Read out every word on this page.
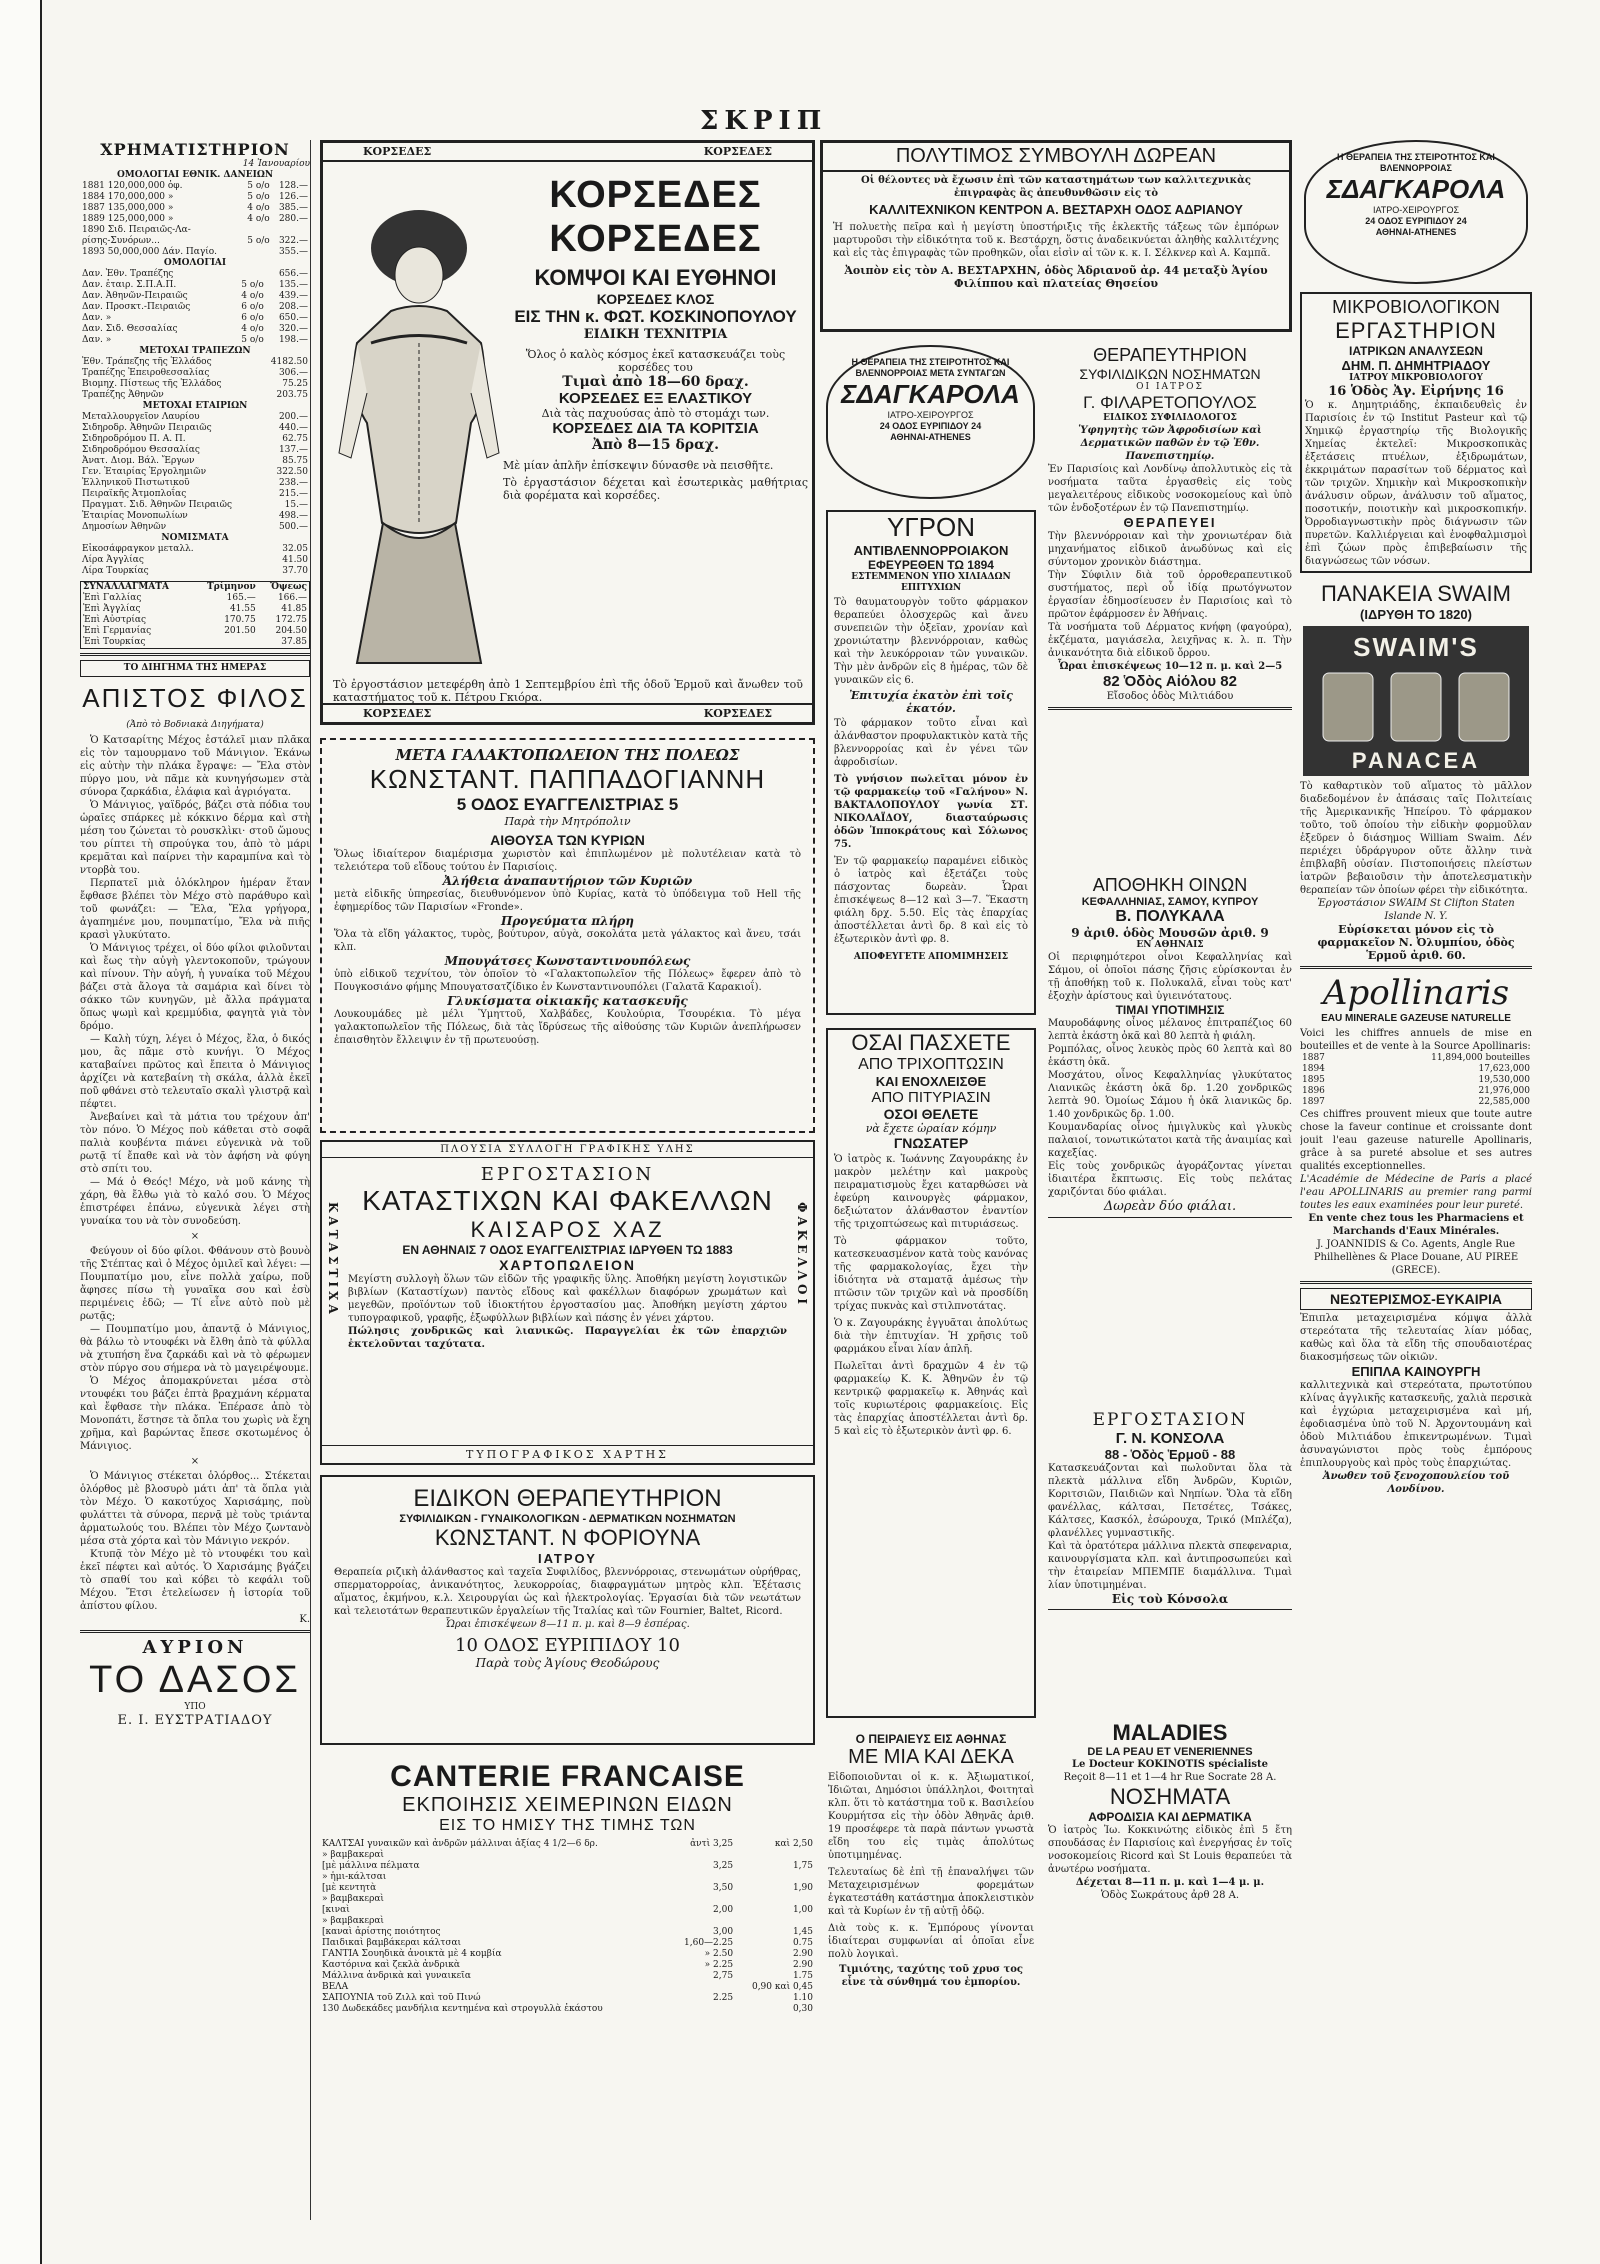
ΣΚΡΙΠ
ΧΡΗΜΑΤΙΣΤΗΡΙΟΝ
14 Ἰανουαρίου
ΟΜΟΛΟΓΙΑΙ ΕΘΝΙΚ. ΔΑΝΕΙΩΝ
1881 120,000,000 ὀφ.	5 ο/ο	128.—
1884 170,000,000 »	5 ο/ο	126.—
1887 135,000,000 »	4 ο/ο	385.—
1889 125,000,000 »	4 ο/ο	280.—
1890 Σιδ. Πειραιῶς-Λα-		
ρίσης-Συνόρων...	5 ο/ο	322.—
1893 50,000,000 Δάν. Παγίο.		355.—
ΟΜΟΛΟΓΙΑΙ
Δαν. Ἐθν. Τραπέζης		656.—
Δαν. ἑταιρ. Σ.Π.Α.Π.	5 ο/ο	135.—
Δαν. Ἀθηνῶν-Πειραιῶς	4 ο/ο	439.—
Δαν. Προσκτ.-Πειραιῶς	6 ο/ο	208.—
Δαν. »	6 ο/ο	650.—
Δαν. Σιδ. Θεσσαλίας	4 ο/ο	320.—
Δαν. »	5 ο/ο	198.—
ΜΕΤΟΧΑΙ ΤΡΑΠΕΖΩΝ
Ἐθν. Τράπεζης τῆς Ἑλλάδος	4182.50
Τραπέζης Ἐπειροθεσσαλίας	306.—
Βιομηχ. Πίστεως τῆς Ἑλλάδος	75.25
Τραπέζης Ἀθηνῶν	203.75
ΜΕΤΟΧΑΙ ΕΤΑΙΡΙΩΝ
Μεταλλουργεῖον Λαυρίου	200.—
Σιδηροδρ. Ἀθηνῶν Πειραιῶς	440.—
Σιδηροδρόμου Π. Α. Π.	62.75
Σιδηροδρόμου Θεσσαλίας	137.—
Ἀνατ. Διομ. Βάλ. Ἔργων	85.75
Γεν. Ἑταιρίας Ἐργολημιῶν	322.50
Ἑλληνικοῦ Πιστωτικοῦ	238.—
Πειραϊκῆς Ἀτμοπλοΐας	215.—
Πραγματ. Σιδ. Ἀθηνῶν Πειραιῶς	15.—
Ἑταιρίας Μονοπωλίων	498.—
Δημοσίων Ἀθηνῶν	500.—
ΝΟΜΙΣΜΑΤΑ
Εἰκοσάφραγκον μεταλλ.	32.05
Λίρα Ἀγγλίας	41.50
Λίρα Τουρκίας	37.70
ΣΥΝΑΛΛΑΓΜΑΤΑ	Τρίμηνον	Ὄψεως
Ἐπὶ Γαλλίας	165.—	166.—
Ἐπὶ Ἀγγλίας	41.55	41.85
Ἐπὶ Αὐστρίας	170.75	172.75
Ἐπὶ Γερμανίας	201.50	204.50
Ἐπὶ Τουρκίας		37.85
ΤΟ ΔΙΗΓΗΜΑ ΤΗΣ ΗΜΕΡΑΣ
ΑΠΙΣΤΟΣ ΦΙΛΟΣ
(Ἀπὸ τὸ Βοδνιακὰ Διηγήματα)
Ὁ Κατσαρίτης Μέχος ἐστάλεῖ μιαν πλᾶκα εἰς τὸν ταμουρμανο τοῦ Μάνιγιον. Ἐκάνω εἰς αὐτὴν τὴν πλάκα ἔγραψε: — Ἔλα στὸν πύργο μου, νὰ πᾶμε κὰ κυνηγήσωμεν στὰ σύνορα ζαρκάδια, ἐλάφια καὶ ἀγριόγατα.
Ὁ Μάνιγιος, γαϊδρός, βάζει στὰ πόδια του ὡραῖες σπάρκες μὲ κόκκινο δέρμα καὶ στὴ μέση του ζώνεται τὸ ρουσκλὶκι· στοῦ ὥμους του ρίπτει τὴ σπρούγκα του, ἀπὸ τὸ μάρι κρεμᾶται καὶ παίρνει τὴν καραμπίνα καὶ τὸ ντορβὰ του.
Περπατεῖ μιὰ ὁλόκληρον ἡμέραν ἕταν ἔφθασε βλέπει τὸν Μέχο στὸ παράθυρο καὶ τοῦ φωνάζει: — Ἔλα, Ἔλα γρήγορα, ἀγαπημένε μου, πουμπατίμο, Ἔλα νὰ πιῆς κρασὶ γλυκύτατο.
Ὁ Μάνιγιος τρέχει, οἱ δύο φίλοι φιλοῦνται καὶ ἔως τὴν αὐγὴ γλεντοκοποῦν, τρώγουν καὶ πίνουν. Τὴν αὐγή, ἡ γυναίκα τοῦ Μέχου βάζει στὰ ἄλογα τὰ σαμάρια καὶ δίνει τὸ σάκκο τῶν κυνηγῶν, μὲ ἄλλα πράγματα ὅπως ψωμὶ καὶ κρεμμύδια, φαγητὰ γιὰ τὸν δρόμο.
— Καλὴ τύχη, λέγει ὁ Μέχος, ἔλα, ὁ δικός μου, ἂς πᾶμε στὸ κυνήγι. Ὁ Μέχος καταβαίνει πρῶτος καὶ ἔπειτα ὁ Μάνιγιος ἀρχίζει νὰ κατεβαίνη τὴ σκάλα, ἀλλὰ ἐκεῖ ποῦ φθάνει στὸ τελευταῖο σκαλὶ γλιστρᾷ καὶ πέφτει.
Ἀνεβαίνει καὶ τὰ μάτια του τρέχουν ἀπ' τὸν πόνο. Ὁ Μέχος ποὺ κάθεται στὸ σοφᾶ παλιὰ κουβέντα πιάνει εὐγενικὰ νὰ τοῦ ρωτᾷ τί ἔπαθε καὶ νὰ τὸν ἀφήση νὰ φύγη στὸ σπίτι του.
— Μά ὁ Θεός! Μέχο, νὰ μοῦ κάνης τὴ χάρη, θὰ ἔλθω γιὰ τὸ καλό σου. Ὁ Μέχος ἐπιστρέφει ἐπάνω, εὐγενικὰ λέγει στὴ γυναίκα του νὰ τὸν συνοδεύση.
×
Φεύγουν οἱ δύο φίλοι. Φθάνουν στὸ βουνὸ τῆς Στέπτας καὶ ὁ Μέχος ὁμιλεῖ καὶ λέγει: — Πουμπατίμο μου, εἶνε πολλὰ χαίρω, ποῦ ἄφησες πίσω τὴ γυναῖκα σου καὶ ἐσὺ περιμένεις ἐδῶ; — Τί εἶνε αὐτὸ ποὺ μὲ ρωτᾷς;
— Πουμπατίμο μου, ἀπαντᾷ ὁ Μάνιγιος, θὰ βάλω τὸ ντουφέκι νὰ ἔλθη ἀπὸ τὰ φύλλα νὰ χτυπήση ἕνα ζαρκάδι καὶ νὰ τὸ φέρωμεν στὸν πύργο σου σήμερα νὰ τὸ μαγειρέψουμε.
Ὁ Μέχος ἀπομακρύνεται μέσα στὸ ντουφέκι του βάζει ἐπτὰ βραχμάνη κέρματα καὶ ἔφθασε τὴν πλάκα. Ἐπέρασε ἀπὸ τὸ Μονοπάτι, ἕστησε τὰ ὄπλα του χωρὶς νὰ ἔχη χρῆμα, καὶ βαρώντας ἔπεσε σκοτωμένος ὁ Μάνιγιος.
×
Ὁ Μάνιγιος στέκεται ὁλόρθος... Στέκεται ὁλόρθος μὲ βλοσυρὸ μάτι ἀπ' τὰ ὅπλα γιὰ τὸν Μέχο. Ὁ κακοτύχος Χαρισάμης, ποὺ φυλάττει τὰ σύνορα, περνᾷ μὲ τοὺς τριάντα ἀρματωλούς του. Βλέπει τὸν Μέχο ζωντανὸ μέσα στὰ χόρτα καὶ τὸν Μάνιγιο νεκρόν.
Κτυπᾷ τὸν Μέχο μὲ τὸ ντουφέκι του καὶ ἐκεῖ πέφτει καὶ αὐτός. Ὁ Χαρισάμης βγάζει τὸ σπαθί του καὶ κόβει τὸ κεφάλι τοῦ Μέχου. Ἔτσι ἐτελείωσεν ἡ ἱστορία τοῦ ἀπίστου φίλου.
Κ.
ΑΥΡΙΟΝ
ΤΟ ΔΑΣΟΣ
ΥΠΟ
Ε. Ι. ΕΥΣΤΡΑΤΙΑΔΟΥ
ΚΟΡΣΕΔΕΣ	ΚΟΡΣΕΔΕΣ
ΚΟΡΣΕΔΕΣ ΚΟΡΣΕΔΕΣ
ΚΟΜΨΟΙ ΚΑΙ ΕΥΘΗΝΟΙ
ΚΟΡΣΕΔΕΣ ΚΛΟΣ
ΕΙΣ ΤΗΝ κ. ΦΩΤ. ΚΟΣΚΙΝΟΠΟΥΛΟΥ
ΕΙΔΙΚΗ ΤΕΧΝΙΤΡΙΑ
Ὅλος ὁ καλὸς κόσμος ἐκεῖ κατασκευάζει τοὺς κορσέδες του
Τιμαὶ ἀπὸ 18—60 δραχ.
ΚΟΡΣΕΔΕΣ ΕΞ ΕΛΑΣΤΙΚΟΥ
Διὰ τὰς παχυούσας ἀπὸ τὸ στομάχι των.
ΚΟΡΣΕΔΕΣ ΔΙΑ ΤΑ ΚΟΡΙΤΣΙΑ
Ἀπὸ 8—15 δραχ.
Μὲ μίαν ἁπλῆν ἐπίσκεψιν δύνασθε νὰ πεισθῆτε.
Τὸ ἐργαστάσιον δέχεται καὶ ἐσωτερικὰς μαθήτριας διὰ φορέματα καὶ κορσέδες.
Τὸ ἐργοστάσιον μετεφέρθη ἀπὸ 1 Σεπτεμβρίου ἐπὶ τῆς ὁδοῦ Ἑρμοῦ καὶ ἄνωθεν τοῦ καταστήματος τοῦ κ. Πέτρου Γκιόρα.
ΚΟΡΣΕΔΕΣ	ΚΟΡΣΕΔΕΣ
ΜΕΤΑ ΓΑΛΑΚΤΟΠΩΛΕΙΟΝ ΤΗΣ ΠΟΛΕΩΣ
ΚΩΝΣΤΑΝΤ. ΠΑΠΠΑΔΟΓΙΑΝΝΗ
5 ΟΔΟΣ ΕΥΑΓΓΕΛΙΣΤΡΙΑΣ 5
Παρὰ τὴν Μητρόπολιν
ΑΙΘΟΥΣΑ ΤΩΝ ΚΥΡΙΩΝ
Ὅλως ἰδιαίτερον διαμέρισμα χωριστὸν καὶ ἐπιπλωμένον μὲ πολυτέλειαν κατὰ τὸ τελειότερα τοῦ εἴδους τούτου ἐν Παρισίοις.
Ἀλήθεια ἀναπαυτήριον τῶν Κυριῶν
μετὰ εἰδικῆς ὑπηρεσίας, διευθυνόμενον ὑπὸ Κυρίας, κατὰ τὸ ὑπόδειγμα τοῦ Hell τῆς ἐφημερίδος τῶν Παρισίων «Fronde».
Προγεύματα πλήρη
Ὅλα τὰ εἴδη γάλακτος, τυρὸς, βούτυρον, αὐγὰ, σοκολάτα μετὰ γάλακτος καὶ ἄνευ, τσάι κλπ.
Μπουγάτσες Κωνσταντινουπόλεως
ὑπὸ εἰδικοῦ τεχνίτου, τὸν ὁποῖον τὸ «Γαλακτοπωλεῖον τῆς Πόλεως» ἔφερεν ἀπὸ τὸ Πουγκοσιάνο φήμης Μπουγατσατζίδικο ἐν Κωνσταντινουπόλει (Γαλατᾶ Καρακιοΐ).
Γλυκίσματα οἰκιακῆς κατασκευῆς
Λουκουμάδες μὲ μέλι Ὑμηττοῦ, Χαλβάδες, Κουλούρια, Τσουρέκια. Τὸ μέγα γαλακτοπωλεῖον τῆς Πόλεως, διὰ τὰς ἴδρύσεως τῆς αἰθούσης τῶν Κυριῶν ἀνεπλήρωσεν ἐπαισθητὸν ἔλλειψιν ἐν τῇ πρωτευούσῃ.
ΠΛΟΥΣΙΑ ΣΥΛΛΟΓΗ ΓΡΑΦΙΚΗΣ ΥΛΗΣ
ΚΑΤΑΣΤΙΧΑ	ΦΑΚΕΛΛΟΙ
ΕΡΓΟΣΤΑΣΙΟΝ
ΚΑΤΑΣΤΙΧΩΝ ΚΑΙ ΦΑΚΕΛΛΩΝ
ΚΑΙΣΑΡΟΣ ΧΑΖ
ΕΝ ΑΘΗΝΑΙΣ 7 ΟΔΟΣ ΕΥΑΓΓΕΛΙΣΤΡΙΑΣ ΙΔΡΥΘΕΝ ΤΩ 1883
ΧΑΡΤΟΠΩΛΕΙΟΝ
Μεγίστη συλλογὴ ὅλων τῶν εἰδῶν τῆς γραφικῆς ὕλης. Ἀποθήκη μεγίστη λογιστικῶν βιβλίων (Καταστίχων) παντὸς εἴδους καὶ φακέλλων διαφόρων χρωμάτων καὶ μεγεθῶν, προϊόντων τοῦ ἰδιοκτήτου ἐργοστασίου μας. Ἀποθήκη μεγίστη χάρτου τυπογραφικοῦ, γραφῆς, ἐξωφύλλων βιβλίων καὶ πάσης ἐν γένει χάρτου.
Πώλησις χονδρικῶς καὶ λιανικῶς. Παραγγελίαι ἐκ τῶν ἐπαρχιῶν ἐκτελοῦνται ταχύτατα.
ΤΥΠΟΓΡΑΦΙΚΟΣ ΧΑΡΤΗΣ
ΕΙΔΙΚΟΝ ΘΕΡΑΠΕΥΤΗΡΙΟΝ
ΣΥΦΙΛΙΔΙΚΩΝ - ΓΥΝΑΙΚΟΛΟΓΙΚΩΝ - ΔΕΡΜΑΤΙΚΩΝ ΝΟΣΗΜΑΤΩΝ
ΚΩΝΣΤΑΝΤ. Ν ΦΟΡΙΟΥΝΑ
ΙΑΤΡΟΥ
Θεραπεία ριζικὴ ἀλάνθαστος καὶ ταχεῖα Συφιλίδος, βλεννόρροιας, στενωμάτων οὐρήθρας, σπερματορροίας, ἀνικανότητος, λευκορροίας, διαφραγμάτων μητρὸς κλπ. Ἐξέτασις αἵματος, ἐκμήνου, κ.λ. Χειρουργίαι ὡς καὶ ἠλεκτρολογίας. Ἐργασίαι διὰ τῶν νεωτάτων καὶ τελειοτάτων θεραπευτικῶν ἐργαλείων τῆς Ἰταλίας καὶ τῶν Fournier, Baltet, Ricord.
Ὧραι ἐπισκέψεων 8—11 π. μ. καὶ 8—9 ἑσπέρας.
10 ΟΔΟΣ ΕΥΡΙΠΙΔΟΥ 10
Παρὰ τοὺς Ἁγίους Θεοδώρους
CANTERIE FRANCAISE
ΕΚΠΟΙΗΣΙΣ ΧΕΙΜΕΡΙΝΩΝ ΕΙΔΩΝ
ΕΙΣ ΤΟ ΗΜΙΣΥ ΤΗΣ ΤΙΜΗΣ ΤΩΝ
ΚΑΛΤΣΑΙ γυναικῶν καὶ ἀνδρῶν μάλλιναι ἀξίας 4 1/2—6 δρ.	ἀντὶ 3,25	καὶ 2,50
» βαμβακεραὶ		
[μὲ μάλλινα πέλματα	3,25	1,75
» ἡμι-κάλτσαι		
[μὲ κεντητὰ	3,50	1,90
» βαμβακεραὶ		
[κιναὶ	2,00	1,00
» βαμβακεραὶ		
[καναὶ ἀρίστης ποιότητος	3,00	1,45
Παιδικαὶ βαμβάκεραι κάλτσαι	1,60—2.25	0.75
ΓΑΝΤΙΑ Σουηδικὰ ἀνοικτὰ μὲ 4 κομβία	» 2.50	2.90
Καστόρινα καὶ ζεκλὰ ἀνδρικὰ	» 2.25	2.90
Μάλλινα ἀνδρικὰ καὶ γυναικεῖα	2,75	1.75
ΒΕΛΑ		0,90 καὶ 0,45
ΣΑΠΟΥΝΙΑ τοῦ Ζιλλ καὶ τοῦ Πινώ	2.25	1.10
130 Δωδεκάδες μανδήλια κεντημένα καὶ στρογυλλὰ ἐκάστου		0,30
ΠΟΛΥΤΙΜΟΣ ΣΥΜΒΟΥΛΗ ΔΩΡΕΑΝ
Οἱ θέλοντες νὰ ἔχωσιν ἐπὶ τῶν καταστημάτων των καλλιτεχνικὰς ἐπιγραφὰς ἂς ἀπευθυνθῶσιν εἰς τὸ
ΚΑΛΛΙΤΕΧΝΙΚΟΝ ΚΕΝΤΡΟΝ Α. ΒΕΣΤΑΡΧΗ ΟΔΟΣ ΑΔΡΙΑΝΟΥ
Ἡ πολυετὴς πεῖρα καὶ ἡ μεγίστη ὑποστήριξις τῆς ἐκλεκτῆς τάξεως τῶν ἐμπόρων μαρτυροῦσι τὴν εἰδικότητα τοῦ κ. Βεστάρχη, ὅστις ἀναδεικνύεται ἀληθὴς καλλιτέχνης καὶ εἰς τὰς ἐπιγραφὰς τῶν προθηκῶν, οἷαι εἰσὶν αἱ τῶν κ. κ. Ι. Σέλκνερ καὶ Α. Καμπᾶ.
Ἀοιπὸν εἰς τὸν Α. ΒΕΣΤΑΡΧΗΝ, ὁδὸς Ἀδριανοῦ ἀρ. 44 μεταξὺ Ἁγίου Φιλίππου καὶ πλατείας Θησείου
Η ΘΕΡΑΠΕΙΑ ΤΗΣ ΣΤΕΙΡΟΤΗΤΟΣ ΚΑΙ ΒΛΕΝΝΟΡΡΟΙΑΣ ΜΕΤΑ ΣΥΝΤΑΓΩΝ
ΣΔΑΓΚΑΡΟΛΑ
ΙΑΤΡΟ-ΧΕΙΡΟΥΡΓΟΣ
24 ΟΔΟΣ ΕΥΡΙΠΙΔΟΥ 24
ΑΘΗΝΑΙ-ATHENES
ΥΓΡΟΝ
ΑΝΤΙΒΛΕΝΝΟΡΡΟΙΑΚΟΝ
ΕΦΕΥΡΕΘΕΝ ΤΩ 1894
ΕΣΤΕΜΜΕΝΟΝ ΥΠΟ ΧΙΛΙΑΔΩΝ ΕΠΙΤΥΧΙΩΝ
Τὸ θαυματουργὸν τοῦτο φάρμακον θεραπεύει ὁλοσχερῶς καὶ ἄνευ συνεπειῶν τὴν ὀξεῖαν, χρονίαν καὶ χρονιώτατην βλεννόρροιαν, καθὼς καὶ τὴν λευκόρροιαν τῶν γυναικῶν. Τὴν μὲν ἀνδρῶν εἰς 8 ἡμέρας, τῶν δὲ γυναικῶν εἰς 6.
Ἐπιτυχία ἐκατὸν ἐπὶ τοῖς ἑκατόν.
Τὸ φάρμακον τοῦτο εἶναι καὶ ἀλάνθαστον προφυλακτικὸν κατὰ τῆς βλεννορροίας καὶ ἐν γένει τῶν ἀφροδισίων.
Τὸ γνήσιον πωλεῖται μόνον ἐν τῷ φαρμακείῳ τοῦ «Γαλήνου» Ν. ΒΑΚΤΑΛΟΠΟΥΛΟΥ γωνία ΣΤ. ΝΙΚΟΛΑΪΔΟΥ, διασταύρωσις ὁδῶν Ἱπποκράτους καὶ Σόλωνος 75.
Ἐν τῷ φαρμακείῳ παραμένει εἰδικὸς ὁ ἰατρὸς καὶ ἐξετάζει τοὺς πάσχοντας δωρεὰν. Ὧραι ἐπισκέψεως 8—12 καὶ 3—7. Ἕκαστη φιάλη δρχ. 5.50. Εἰς τὰς ἐπαρχίας ἀποστέλλεται ἀντὶ δρ. 8 καὶ εἰς τὸ ἐξωτερικὸν ἀντὶ φρ. 8.
ΑΠΟΦΕΥΓΕΤΕ ΑΠΟΜΙΜΗΣΕΙΣ
ΟΣΑΙ ΠΑΣΧΕΤΕ
ΑΠΟ ΤΡΙΧΟΠΤΩΣΙΝ
ΚΑΙ ΕΝΟΧΛΕΙΣΘΕ
ΑΠΟ ΠΙΤΥΡΙΑΣΙΝ
ΟΣΟΙ ΘΕΛΕΤΕ
νὰ ἔχετε ὡραίαν κόμην
ΓΝΩΣΑΤΕΡ
Ὁ ἰατρὸς κ. Ἰωάννης Ζαγουράκης ἐν μακρὸν μελέτην καὶ μακροὺς πειραματισμοὺς ἔχει καταρθώσει νὰ ἐφεύρη καινουργὲς φάρμακον, δεξιώτατον ἀλάνθαστον ἐναντίον τῆς τριχοπτώσεως καὶ πιτυριάσεως.
Τὸ φάρμακον τοῦτο, κατεσκευασμένον κατὰ τοὺς κανόνας τῆς φαρμακολογίας, ἔχει τὴν ἰδιότητα νὰ σταματᾷ ἀμέσως τὴν πτῶσιν τῶν τριχῶν καὶ νὰ προσδίδη τρίχας πυκνὰς καὶ στιλπνοτάτας.
Ὁ κ. Ζαγουράκης ἐγγυᾶται ἀπολύτως διὰ τὴν ἐπιτυχίαν. Ἡ χρῆσις τοῦ φαρμάκου εἶναι λίαν ἁπλῆ.
Πωλεῖται ἀντὶ δραχμῶν 4 ἐν τῷ φαρμακείῳ Κ. Κ. Ἀθηνῶν ἐν τῷ κεντρικῷ φαρμακεῖῳ κ. Ἀθηνάς καὶ τοῖς κυριωτέροις φαρμακείοις. Εἰς τὰς ἐπαρχίας ἀποστέλλεται ἀντὶ δρ. 5 καὶ εἰς τὸ ἐξωτερικὸν ἀντὶ φρ. 6.
Ο ΠΕΙΡΑΙΕΥΣ ΕΙΣ ΑΘΗΝΑΣ
ΜΕ ΜΙΑ ΚΑΙ ΔΕΚΑ
Εἰδοποιοῦνται οἱ κ. κ. Ἀξιωματικοί, Ἰδιῶται, Δημόσιοι ὑπάλληλοι, Φοιτηταὶ κλπ. ὅτι τὸ κατάστημα τοῦ κ. Βασιλείου Κουρμήτσα εἰς τὴν ὁδὸν Ἀθηνᾶς ἀριθ. 19 προσέφερε τὰ παρὰ πάντων γνωστὰ εἴδη του εἰς τιμὰς ἀπολύτως ὑποτιμημένας.
Τελευταίως δὲ ἐπὶ τῇ ἐπαναλήψει τῶν Μεταχειρισμένων φορεμάτων ἐγκατεστάθη κατάστημα ἀποκλειστικὸν καὶ τὰ Κυρίων ἐν τῇ αὐτῇ ὁδῷ.
Διὰ τοὺς κ. κ. Ἐμπόρους γίνονται ἰδιαίτεραι συμφωνίαι αἱ ὁποῖαι εἶνε πολὺ λογικαὶ.
Τιμιότης, ταχύτης τοῦ χρυσ τος εἶνε τὰ σύνθημά του ἐμπορίου.
ΘΕΡΑΠΕΥΤΗΡΙΟΝ
ΣΥΦΙΛΙΔΙΚΩΝ ΝΟΣΗΜΑΤΩΝ
ΟΙ ΙΑΤΡΟΣ
Γ. ΦΙΛΑΡΕΤΟΠΟΥΛΟΣ
ΕΙΔΙΚΟΣ ΣΥΦΙΛΙΔΟΛΟΓΟΣ
Ὑφηγητὴς τῶν Ἀφροδισίων καὶ Δερματικῶν παθῶν ἐν τῷ Ἐθν. Πανεπιστημίῳ.
Ἐν Παρισίοις καὶ Λονδίνῳ ἀπολλυτικὸς εἰς τὰ νοσήματα ταῦτα ἐργασθεὶς εἰς τοὺς μεγαλειτέρους εἰδικοὺς νοσοκομείους καὶ ὑπὸ τῶν ἐνδοξοτέρων ἐν τῷ Πανεπιστημίῳ.
ΘΕΡΑΠΕΥΕΙ
Τὴν βλεννόρροιαν καὶ τὴν χρονιωτέραν διὰ μηχανήματος εἰδικοῦ ἀνωδύνως καὶ εἰς σύντομον χρονικὸν διάστημα.
Τὴν Σύφιλιν διὰ τοῦ ὀρροθεραπευτικοῦ συστήματος, περὶ οὗ ἰδίᾳ πρωτόγνωτον ἐργασίαν ἐδημοσίευσεν ἐν Παρισίοις καὶ τὸ πρῶτον ἐφάρμοσεν ἐν Ἀθήναις.
Τὰ νοσήματα τοῦ Δέρματος κνήφη (φαγούρα), ἐκζέματα, μαγιάσελα, λειχῆνας κ. λ. π. Τὴν ἀνικανότητα διὰ εἰδικοῦ ὄρρου.
Ὧραι ἐπισκέψεως 10—12 π. μ. καὶ 2—5
82 Ὁδὸς Αἰόλου 82
Εἴσοδος ὁδὸς Μιλτιάδου
ΑΠΟΘΗΚΗ ΟΙΝΩΝ
ΚΕΦΑΛΛΗΝΙΑΣ, ΣΑΜΟΥ, ΚΥΠΡΟΥ
Β. ΠΟΛΥΚΑΛΑ
9 ἀριθ. ὁδὸς Μουσῶν ἀριθ. 9
ΕΝ ΑΘΗΝΑΙΣ
Οἱ περιφημότεροι οἶνοι Κεφαλληνίας καὶ Σάμου, οἱ ὁποῖοι πάσης ζῆσις εὑρίσκονται ἐν τῇ ἀποθήκῃ τοῦ κ. Πολυκαλᾶ, εἶναι τοὺς κατ' ἐξοχὴν ἀρίστους καὶ ὑγιεινότατους.
ΤΙΜΑΙ ΥΠΟΤΙΜΗΣΙΣ
Μαυροδάφνης οἶνος μέλανος ἐπιτραπέζιος 60 λεπτὰ ἑκάστη ὀκᾶ καὶ 80 λεπτὰ ἡ φιάλη.
Ροµπόλας, οἶνος λευκὸς πρὸς 60 λεπτὰ καὶ 80 ἑκάστη ὀκᾶ.
Μοσχάτου, οἶνος Κεφαλληνίας γλυκύτατος Λιανικῶς ἑκάστη ὀκᾶ δρ. 1.20 χονδρικῶς λεπτὰ 90. Ὁμοίως Σάμου ἡ ὀκᾶ λιανικῶς δρ. 1.40 χονδρικῶς δρ. 1.00.
Κουμανδαρίας οἶνος ἡμιγλυκὺς καὶ γλυκὺς παλαιοί, τονωτικώτατοι κατὰ τῆς ἀναιμίας καὶ καχεξίας.
Εἰς τοὺς χονδρικῶς ἀγοράζοντας γίνεται ἰδιαιτέρα ἔκπτωσις. Εἰς τοὺς πελάτας χαριζόνται δύο φιάλαι.
Δωρεὰν δύο φιάλαι.
ΕΡΓΟΣΤΑΣΙΟΝ
Γ. Ν. ΚΟΝΣΟΛΑ
88 - Ὁδὸς Ἑρμοῦ - 88
Κατασκευάζονται καὶ πωλοῦνται ὅλα τὰ πλεκτὰ μάλλινα εἴδη Ἀνδρῶν, Κυριῶν, Κοριτσιῶν, Παιδιῶν καὶ Νηπίων. Ὅλα τὰ εἴδη φανέλλας, κάλτσαι, Πετσέτες, Τσάκες, Κάλτσες, Κασκόλ, ἐσώρουχα, Τρικό (Μπλέζα), φλανέλλες γυμναστικῆς.
Καὶ τὰ ὁρατότερα μάλλινα πλεκτὰ σπεφεναρια, καινουργίσματα κλπ. καὶ ἀντιπροσωπεύει καὶ τὴν ἐταιρείαν ΜΠΕΜΠΕ διαμάλλινα. Τιμαὶ λίαν ὑποτιμημέναι.
Εἰς τοὺ Κόνσολα
MALADIES
DE LA PEAU ET VENERIENNES
Le Docteur KOKINOTIS spécialiste
Reçoit 8—11 et 1—4 hr Rue Socrate 28 A.
ΝΟΣΗΜΑΤΑ
ΑΦΡΟΔΙΣΙΑ ΚΑΙ ΔΕΡΜΑΤΙΚΑ
Ὁ ἰατρὸς Ἰω. Κοκκινώτης εἰδικὸς ἐπὶ 5 ἔτη σπουδάσας ἐν Παρισίοις καὶ ἐνεργήσας ἐν τοῖς νοσοκομείοις Ricord καὶ St Louis θεραπεύει τὰ ἀνωτέρω νοσήματα.
Δέχεται 8—11 π. μ. καὶ 1—4 μ. μ.
Ὁδὸς Σωκράτους ἀρθ 28 Α.
Η ΘΕΡΑΠΕΙΑ ΤΗΣ ΣΤΕΙΡΟΤΗΤΟΣ ΚΑΙ ΒΛΕΝΝΟΡΡΟΙΑΣ
ΣΔΑΓΚΑΡΟΛΑ
ΙΑΤΡΟ-ΧΕΙΡΟΥΡΓΟΣ
24 ΟΔΟΣ ΕΥΡΙΠΙΔΟΥ 24
ΑΘΗΝΑΙ-ATHENES
ΜΙΚΡΟΒΙΟΛΟΓΙΚΟΝ
ΕΡΓΑΣΤΗΡΙΟΝ
ΙΑΤΡΙΚΩΝ ΑΝΑΛΥΣΕΩΝ
ΔΗΜ. Π. ΔΗΜΗΤΡΙΑΔΟΥ
ΙΑΤΡΟΥ ΜΙΚΡΟΒΙΟΛΟΓΟΥ
16 Ὁδὸς Ἀγ. Εἰρήνης 16
Ὁ κ. Δημητριάδης, ἐκπαιδευθεὶς ἐν Παρισίοις ἐν τῷ Institut Pasteur καὶ τῷ Χημικῷ ἐργαστηρίῳ τῆς Βιολογικῆς Χημείας ἐκτελεῖ: Μικροσκοπικὰς ἐξετάσεις πτυέλων, ἐξιδρωμάτων, ἐκκριμάτων παρασίτων τοῦ δέρματος καὶ τῶν τριχῶν. Χημικὴν καὶ Μικροσκοπικὴν ἀνάλυσιν οὔρων, ἀνάλυσιν τοῦ αἵματος, ποσοτικήν, ποιοτικὴν καὶ μικροσκοπικήν. Ὀρροδιαγνωστικὴν πρὸς διάγνωσιν τῶν πυρετῶν. Καλλιέργειαι καὶ ἐνοφθαλμισμοὶ ἐπὶ ζώων πρὸς ἐπιβεβαίωσιν τῆς διαγνώσεως τῶν νόσων.
ΠΑΝΑΚΕΙΑ SWAIM
(ΙΔΡΥΘΗ ΤΟ 1820)
SWAIM'S
PANACEA
Τὸ καθαρτικὸν τοῦ αἵματος τὸ μᾶλλον διαδεδομένον ἐν ἁπάσαις ταῖς Πολιτείαις τῆς Ἀμερικανικῆς Ἠπείρου. Τὸ φάρμακον τοῦτο, τοῦ ὁποίου τὴν εἰδικὴν φορμοῦλαν ἐξεῦρεν ὁ διάσημος William Swaim. Δέν περιέχει ὑδράργυρον οὔτε ἄλλην τινὰ ἐπιβλαβῆ οὐσίαν. Πιστοποιήσεις πλείστων ἰατρῶν βεβαιοῦσιν τὴν ἀποτελεσματικὴν θεραπείαν τῶν ὁποίων φέρει τὴν εἰδικότητα.
Ἐργοστάσιον SWAIM St Clifton Staten Islande N. Y.
Εὑρίσκεται μόνον εἰς τὸ φαρμακεῖον Ν. Ὀλυμπίου, ὁδὸς Ἑρμοῦ ἀριθ. 60.
Apollinaris
EAU MINERALE GAZEUSE NATURELLE
Voici les chiffres annuels de mise en bouteilles et de vente à la Source Apollinaris:
1887	11,894,000 bouteilles
1894	17,623,000
1895	19,530,000
1896	21,976,000
1897	22,585,000
Ces chiffres prouvent mieux que toute autre chose la faveur continue et croissante dont jouit l'eau gazeuse naturelle Apollinaris, grâce à sa pureté absolue et ses autres qualités exceptionnelles.
L'Académie de Médecine de Paris a placé l'eau APOLLINARIS au premier rang parmi toutes les eaux examinées pour leur pureté.
En vente chez tous les Pharmaciens et Marchands d'Eaux Minérales.
J. JOANNIDIS & Co. Agents, Angle Rue Philhellènes & Place Douane, AU PIREE (GRECE).
ΝΕΩΤΕΡΙΣΜΟΣ-ΕΥΚΑΙΡΙΑ
Ἐπιπλα μεταχειρισμένα κόμψα ἀλλὰ στερεότατα τῆς τελευταίας λίαν μόδας, καθὼς καὶ ὅλα τὰ εἴδη τῆς σπουδαιοτέρας διακοσμήσεως τῶν οἰκιῶν.
ΕΠΙΠΛΑ ΚΑΙΝΟΥΡΓΗ
καλλιτεχνικὰ καὶ στερεότατα, πρωτοτύπου κλίνας ἀγγλικῆς κατασκευῆς, χαλιὰ περσικὰ καὶ ἐγχώρια μεταχειρισμένα καὶ μή, ἐφοδιασμένα ὑπὸ τοῦ Ν. Ἀρχοντουμάνη καὶ ὁδοὺ Μιλτιάδου ἐπικεντρωμένων. Τιμαὶ ἀσυναγώνιστοι πρὸς τοὺς ἐμπόρους ἐπιπλουργοὺς καὶ πρὸς τοὺς ἐπαρχιώτας.
Ἀνωθεν τοῦ ξενοχοπουλείου τοῦ Λονδίνου.
